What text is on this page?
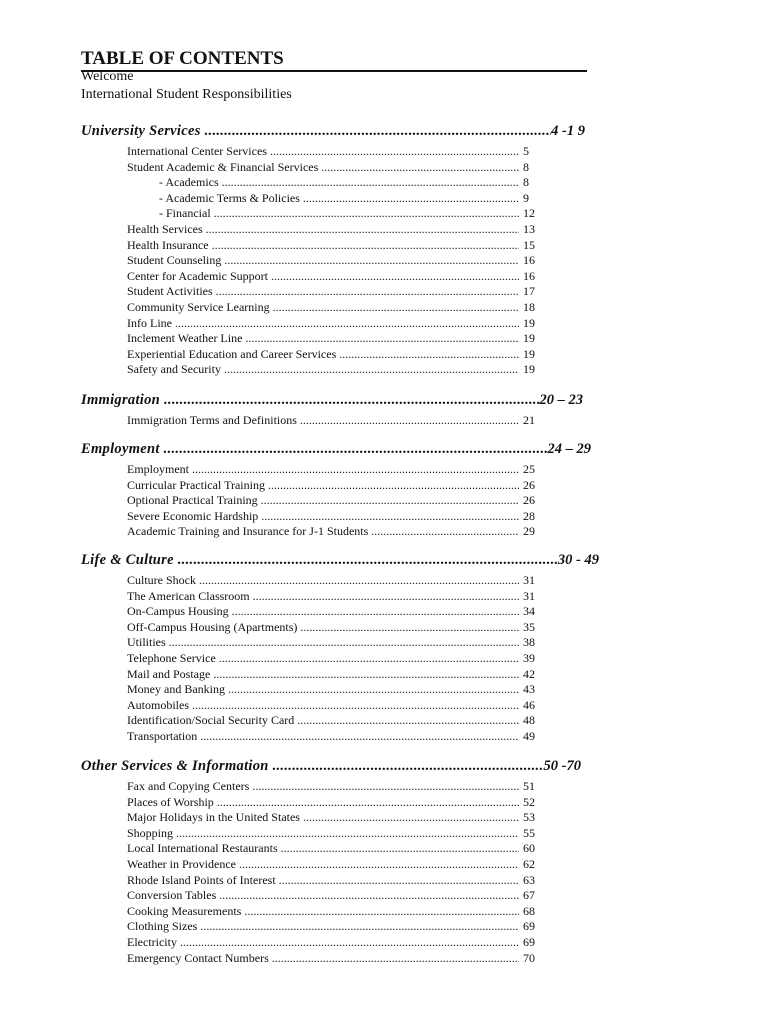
TABLE OF CONTENTS
Welcome
International Student Responsibilities
University Services .....	4 -1 9
International Center Services .....	5
Student Academic & Financial Services .....	8
- Academics .....	8
- Academic Terms & Policies .....	9
- Financial .....	12
Health Services .....	13
Health Insurance .....	15
Student Counseling .....	16
Center for Academic Support .....	16
Student Activities .....	17
Community Service Learning .....	18
Info Line .....	19
Inclement Weather Line .....	19
Experiential Education and Career Services .....	19
Safety and Security .....	19
Immigration .....	20 – 23
Immigration Terms and Definitions .....	21
Employment .....	24 – 29
Employment .....	25
Curricular Practical Training .....	26
Optional Practical Training .....	26
Severe Economic Hardship .....	28
Academic Training and Insurance for J-1 Students .....	29
Life & Culture .....	30 - 49
Culture Shock .....	31
The American Classroom .....	31
On-Campus Housing .....	34
Off-Campus Housing (Apartments) .....	35
Utilities .....	38
Telephone Service .....	39
Mail and Postage .....	42
Money and Banking .....	43
Automobiles .....	46
Identification/Social Security Card .....	48
Transportation .....	49
Other Services & Information .....	50 -70
Fax and Copying Centers .....	51
Places of Worship .....	52
Major Holidays in the United States .....	53
Shopping .....	55
Local International Restaurants .....	60
Weather in Providence .....	62
Rhode Island Points of Interest .....	63
Conversion Tables .....	67
Cooking Measurements .....	68
Clothing Sizes .....	69
Electricity .....	69
Emergency Contact Numbers .....	70
